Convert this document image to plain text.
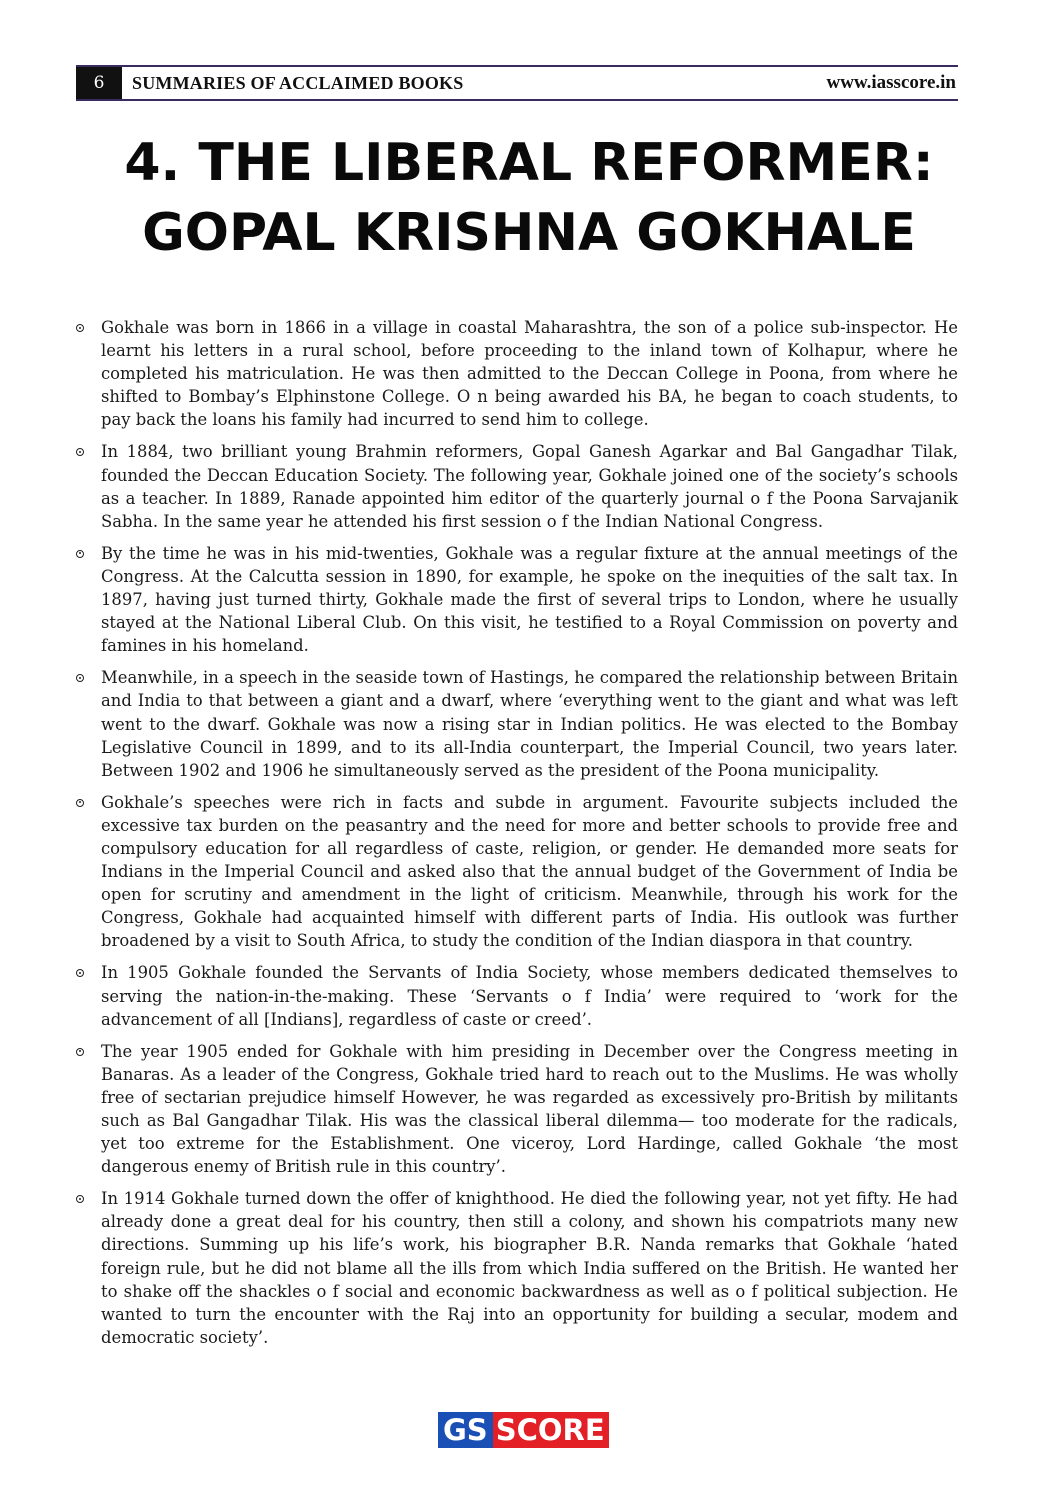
6	SUMMARIES OF ACCLAIMED BOOKS	www.iasscore.in
4. THE LIBERAL REFORMER:
GOPAL KRISHNA GOKHALE
Gokhale was born in 1866 in a village in coastal Maharashtra, the son of a police sub-inspector. He learnt his letters in a rural school, before proceeding to the inland town of Kolhapur, where he completed his matriculation. He was then admitted to the Deccan College in Poona, from where he shifted to Bombay’s Elphinstone College. O n being awarded his BA, he began to coach students, to pay back the loans his family had incurred to send him to college.
In 1884, two brilliant young Brahmin reformers, Gopal Ganesh Agarkar and Bal Gangadhar Tilak, founded the Deccan Education Society. The following year, Gokhale joined one of the society’s schools as a teacher. In 1889, Ranade appointed him editor of the quarterly journal o f the Poona Sarvajanik Sabha. In the same year he attended his first session o f the Indian National Congress.
By the time he was in his mid-twenties, Gokhale was a regular fixture at the annual meetings of the Congress. At the Calcutta session in 1890, for example, he spoke on the inequities of the salt tax. In 1897, having just turned thirty, Gokhale made the first of several trips to London, where he usually stayed at the National Liberal Club. On this visit, he testified to a Royal Commission on poverty and famines in his homeland.
Meanwhile, in a speech in the seaside town of Hastings, he compared the relationship between Britain and India to that between a giant and a dwarf, where ‘everything went to the giant and what was left went to the dwarf. Gokhale was now a rising star in Indian politics. He was elected to the Bombay Legislative Council in 1899, and to its all-India counterpart, the Imperial Council, two years later. Between 1902 and 1906 he simultaneously served as the president of the Poona municipality.
Gokhale’s speeches were rich in facts and subde in argument. Favourite subjects included the excessive tax burden on the peasantry and the need for more and better schools to provide free and compulsory education for all regardless of caste, religion, or gender. He demanded more seats for Indians in the Imperial Council and asked also that the annual budget of the Government of India be open for scrutiny and amendment in the light of criticism. Meanwhile, through his work for the Congress, Gokhale had acquainted himself with different parts of India. His outlook was further broadened by a visit to South Africa, to study the condition of the Indian diaspora in that country.
In 1905 Gokhale founded the Servants of India Society, whose members dedicated themselves to serving the nation-in-the-making. These ‘Servants o f India’ were required to ‘work for the advancement of all [Indians], regardless of caste or creed’.
The year 1905 ended for Gokhale with him presiding in December over the Congress meeting in Banaras. As a leader of the Congress, Gokhale tried hard to reach out to the Muslims. He was wholly free of sectarian prejudice himself However, he was regarded as excessively pro-British by militants such as Bal Gangadhar Tilak. His was the classical liberal dilemma— too moderate for the radicals, yet too extreme for the Establishment. One viceroy, Lord Hardinge, called Gokhale ‘the most dangerous enemy of British rule in this country’.
In 1914 Gokhale turned down the offer of knighthood. He died the following year, not yet fifty. He had already done a great deal for his country, then still a colony, and shown his compatriots many new directions. Summing up his life’s work, his biographer B.R. Nanda remarks that Gokhale ‘hated foreign rule, but he did not blame all the ills from which India suffered on the British. He wanted her to shake off the shackles o f social and economic backwardness as well as o f political subjection. He wanted to turn the encounter with the Raj into an opportunity for building a secular, modem and democratic society’.
GS SCORE
